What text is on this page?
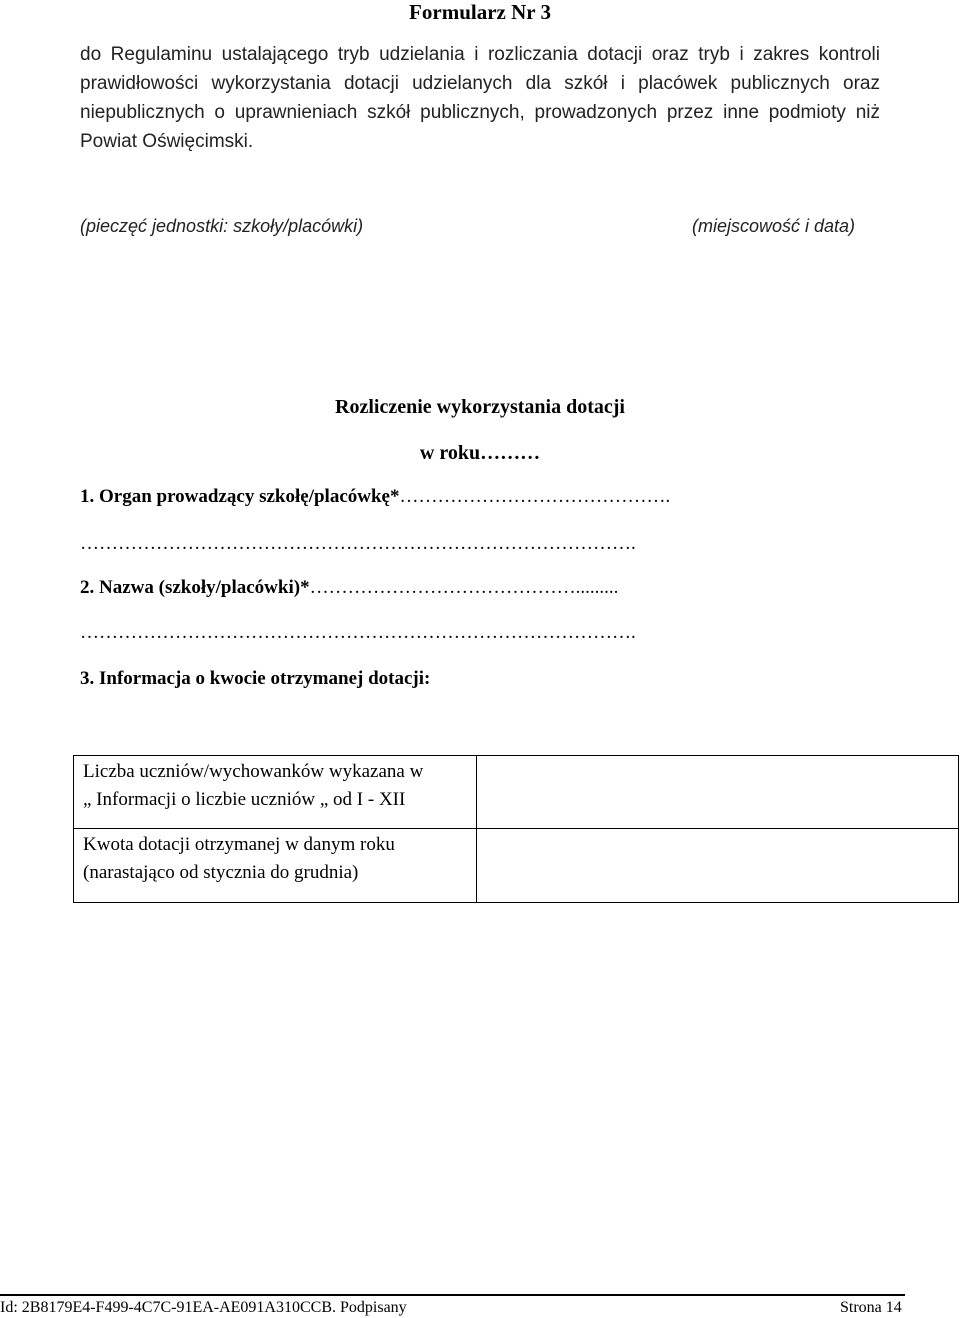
Formularz Nr 3
do Regulaminu ustalającego tryb udzielania i rozliczania dotacji oraz tryb i zakres kontroli
prawidłowości wykorzystania dotacji udzielanych dla szkół i placówek publicznych oraz
niepublicznych o uprawnieniach szkół publicznych, prowadzonych przez inne podmioty niż
Powiat Oświęcimski.
(pieczęć jednostki: szkoły/placówki)	(miejscowość i data)
Rozliczenie wykorzystania dotacji
w roku………
1. Organ prowadzący szkołę/placówkę*…………………………………….
…………………………………………………………………………….
2. Nazwa (szkoły/placówki)*…………………………………….........
…………………………………………………………………………….
3. Informacja o kwocie otrzymanej dotacji:
Liczba uczniów/wychowanków wykazana w
„ Informacji o liczbie uczniów „ od I - XII	

Kwota dotacji otrzymanej w danym roku
(narastająco od stycznia do grudnia)	

Id: 2B8179E4-F499-4C7C-91EA-AE091A310CCB. Podpisany	Strona 14
